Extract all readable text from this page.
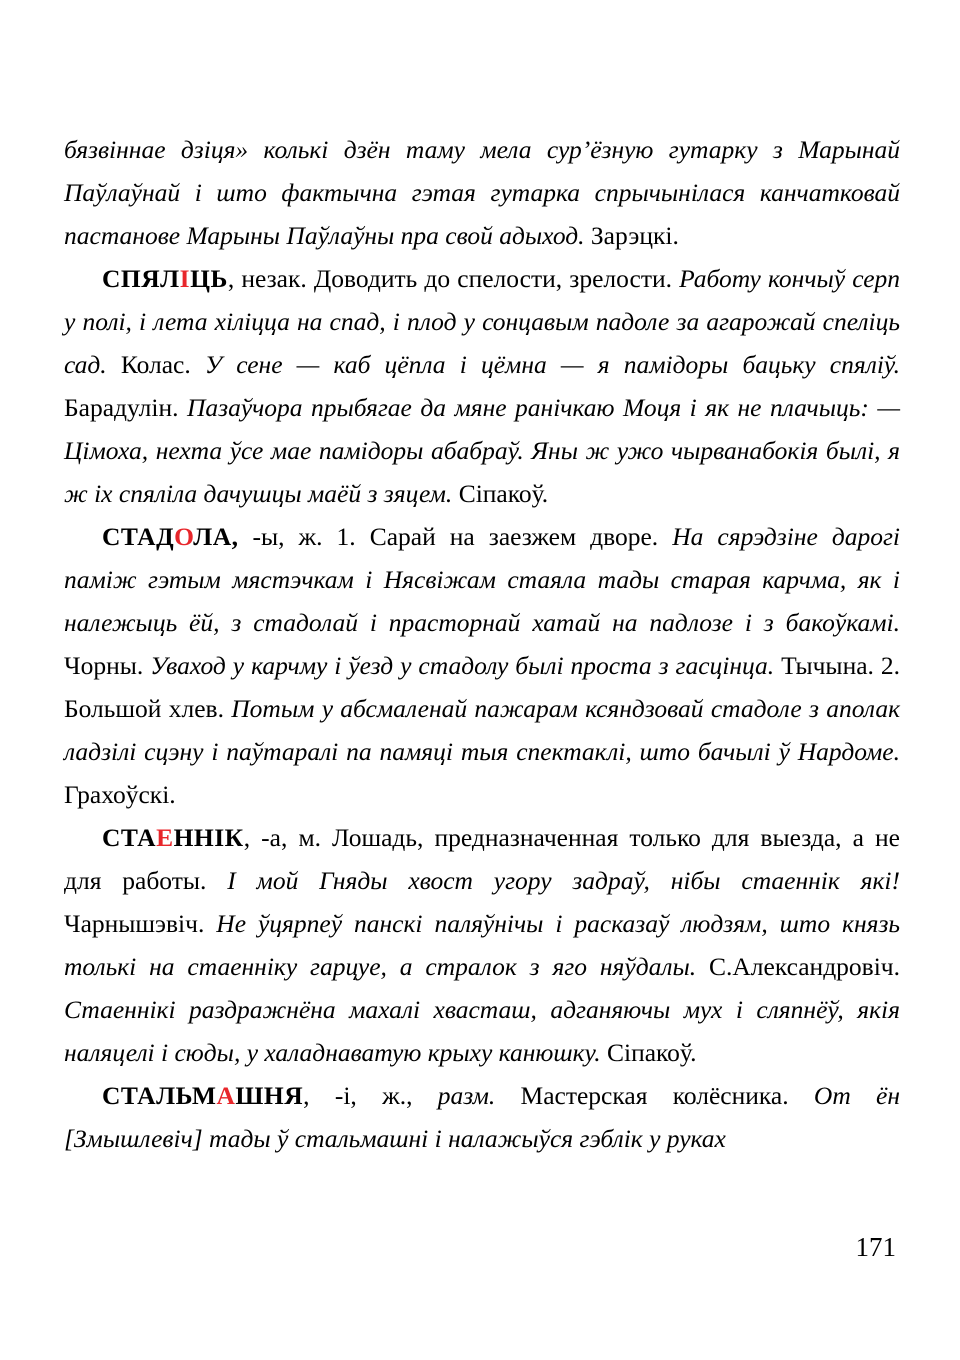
бязвіннае дзіця» колькі дзён таму мела сур’ёзную гутарку з Марынай Паўлаўнай і што фактычна гэтая гутарка спрычынілася канчатковай пастанове Марыны Паўлаўны пра свой адыход. Зарэцкі.

СПЯЛІЦЬ, незак. Доводить до спелости, зрелости. Работу кончыў серп у полі, і лета хіліцца на спад, і плод у сонцавым падоле за агарожай спеліць сад. Колас. У сене — каб цёпла і цёмна — я памідоры бацьку спяліў. Барадулін. Пазаўчора прыбягае да мяне ранічкаю Моця і як не плачыць: — Цімоха, нехта ўсе мае памідоры абабраў. Яны ж ужо чырванабокія былі, я ж іх спяліла дачушцы маёй з зяцем. Сіпакоў.

СТАДОЛА, -ы, ж. 1. Сарай на заезжем дворе. На сярэдзіне дарогі паміж гэтым мястэчкам і Нясвіжам стаяла тады старая карчма, як і належыць ёй, з стадолай і прасторнай хатай на падлозе і з бакоўкамі. Чорны. Уваход у карчму і ўезд у стадолу былі проста з гасцінца. Тычына. 2. Большой хлев. Потым у абсмаленай пажарам ксяндзовай стадоле з аполак ладзілі сцэну і паўтаралі па памяці тыя спектаклі, што бачылі ў Нардоме. Грахоўскі.

СТАЕННІК, -а, м. Лошадь, предназначенная только для выезда, а не для работы. І мой Гняды хвост угору задраў, нібы стаеннік які! Чарнышэвіч. Не ўцярпеў панскі паляўнічы і расказаў людзям, што князь толькі на стаенніку гарцуе, а стралок з яго няўдалы. С.Александровіч. Стаеннікі раздражнёна махалі хвасташ, адганяючы мух і сляпнёў, якія наляцелі і сюды, у халаднаватую крыху канюшку. Сіпакоў.

СТАЛЬМАШНЯ, -і, ж., разм. Мастерская колёсника. От ён [Змышлевіч] тады ў стальмашні і налажыўся гэблік у руках

171
